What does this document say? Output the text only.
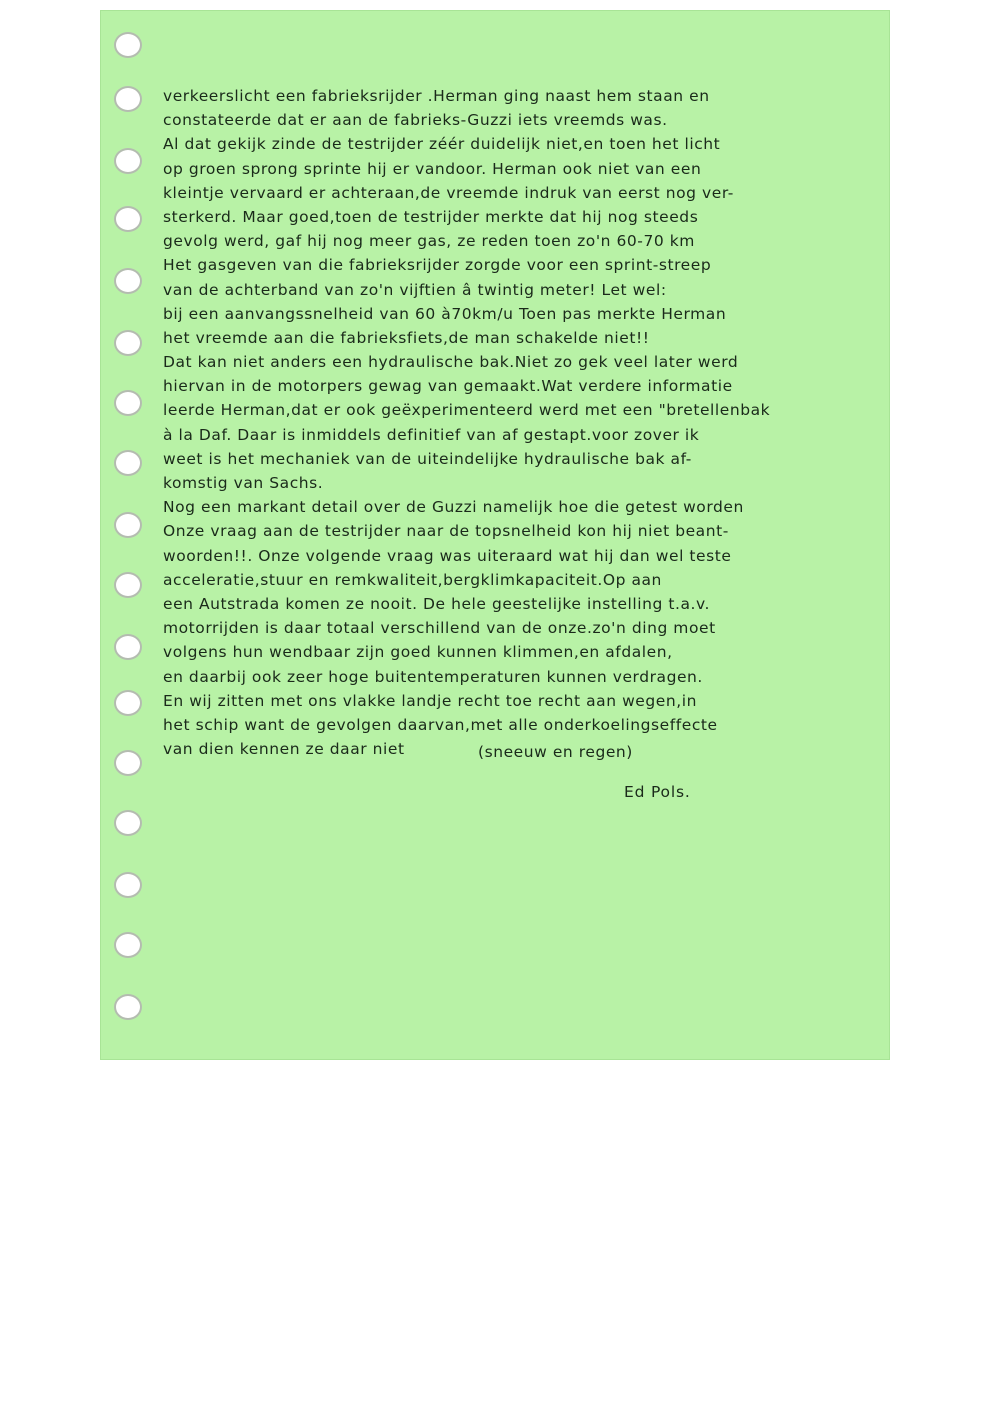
verkeerslicht een fabrieksrijder .Herman ging naast hem staan en
constateerde dat er aan de fabrieks-Guzzi iets vreemds was.
Al dat gekijk zinde de testrijder zéér duidelijk niet,en toen het licht
op groen sprong sprinte hij er vandoor. Herman ook niet van een
kleintje vervaard er achteraan,de vreemde indruk van eerst nog ver-
sterkerd. Maar goed,toen de testrijder merkte dat hij nog steeds
gevolg werd, gaf hij nog meer gas, ze reden toen zo'n 60-70 km
Het gasgeven van die fabrieksrijder zorgde voor een sprint-streep
van de achterband van zo'n vijftien â twintig meter! Let wel:
bij een aanvangssnelheid van 60 à70km/u Toen pas merkte Herman
het vreemde aan die fabrieksfiets,de man schakelde niet!!
Dat kan niet anders een hydraulische bak.Niet zo gek veel later werd
hiervan in de motorpers gewag van gemaakt.Wat verdere informatie
leerde Herman,dat er ook geëxperimenteerd werd met een "bretellenbak
à la Daf. Daar is inmiddels definitief van af gestapt.voor zover ik
weet is het mechaniek van de uiteindelijke hydraulische bak af-
komstig van Sachs.
Nog een markant detail over de Guzzi namelijk hoe die getest worden
Onze vraag aan de testrijder naar de topsnelheid kon hij niet beant-
woorden!!. Onze volgende vraag was uiteraard wat hij dan wel teste
acceleratie,stuur en remkwaliteit,bergklimkapaciteit.Op aan
een Autstrada komen ze nooit. De hele geestelijke instelling t.a.v.
motorrijden is daar totaal verschillend van de onze.zo'n ding moet
volgens hun wendbaar zijn goed kunnen klimmen,en afdalen,
en daarbij ook zeer hoge buitentemperaturen kunnen verdragen.
En wij zitten met ons vlakke landje recht toe recht aan wegen,in
het schip want de gevolgen daarvan,met alle onderkoelingseffecte
van dien kennen ze daar niet	(sneeuw en regen)
Ed Pols.
